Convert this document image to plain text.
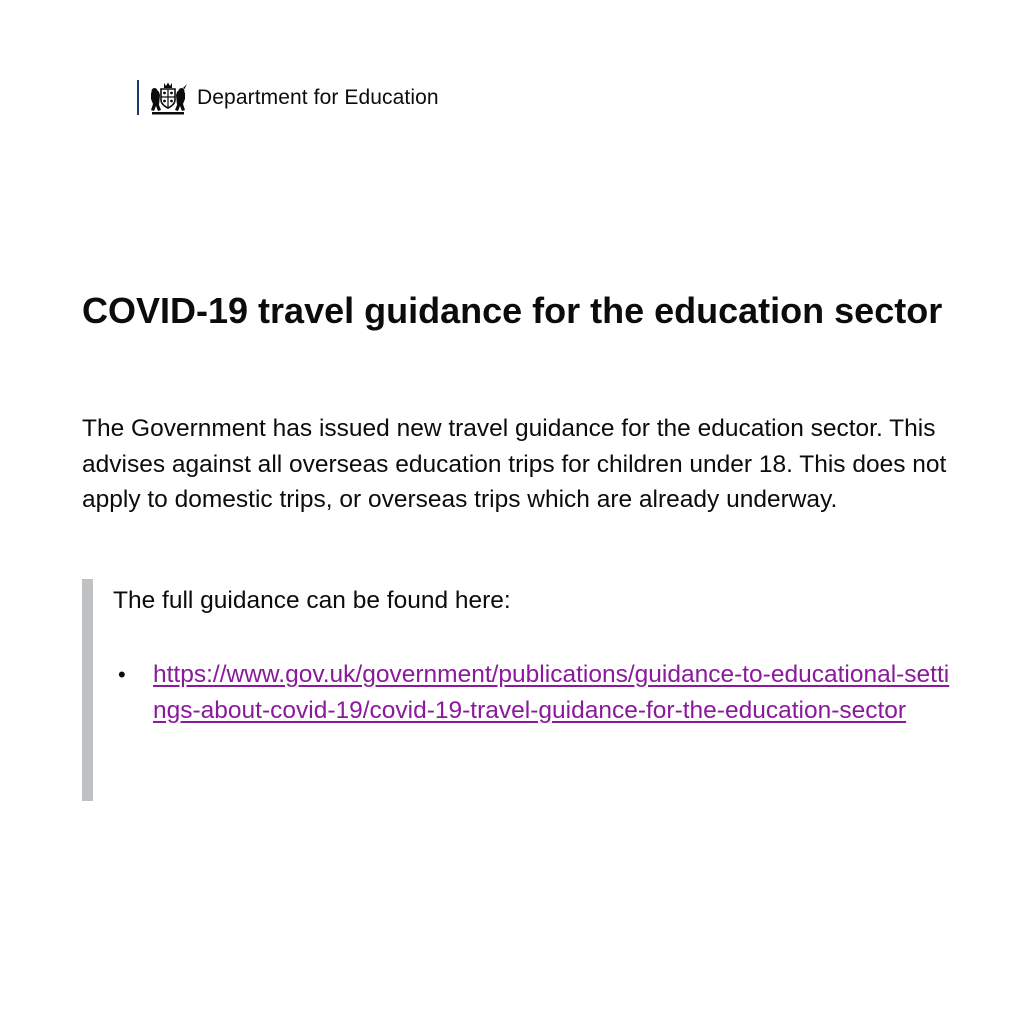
Department for Education
COVID-19 travel guidance for the education sector

The Government has issued new travel guidance for the education sector. This advises against all overseas education trips for children under 18. This does not apply to domestic trips, or overseas trips which are already underway.

The full guidance can be found here:

• https://www.gov.uk/government/publications/guidance-to-educational-settings-about-covid-19/covid-19-travel-guidance-for-the-education-sector
